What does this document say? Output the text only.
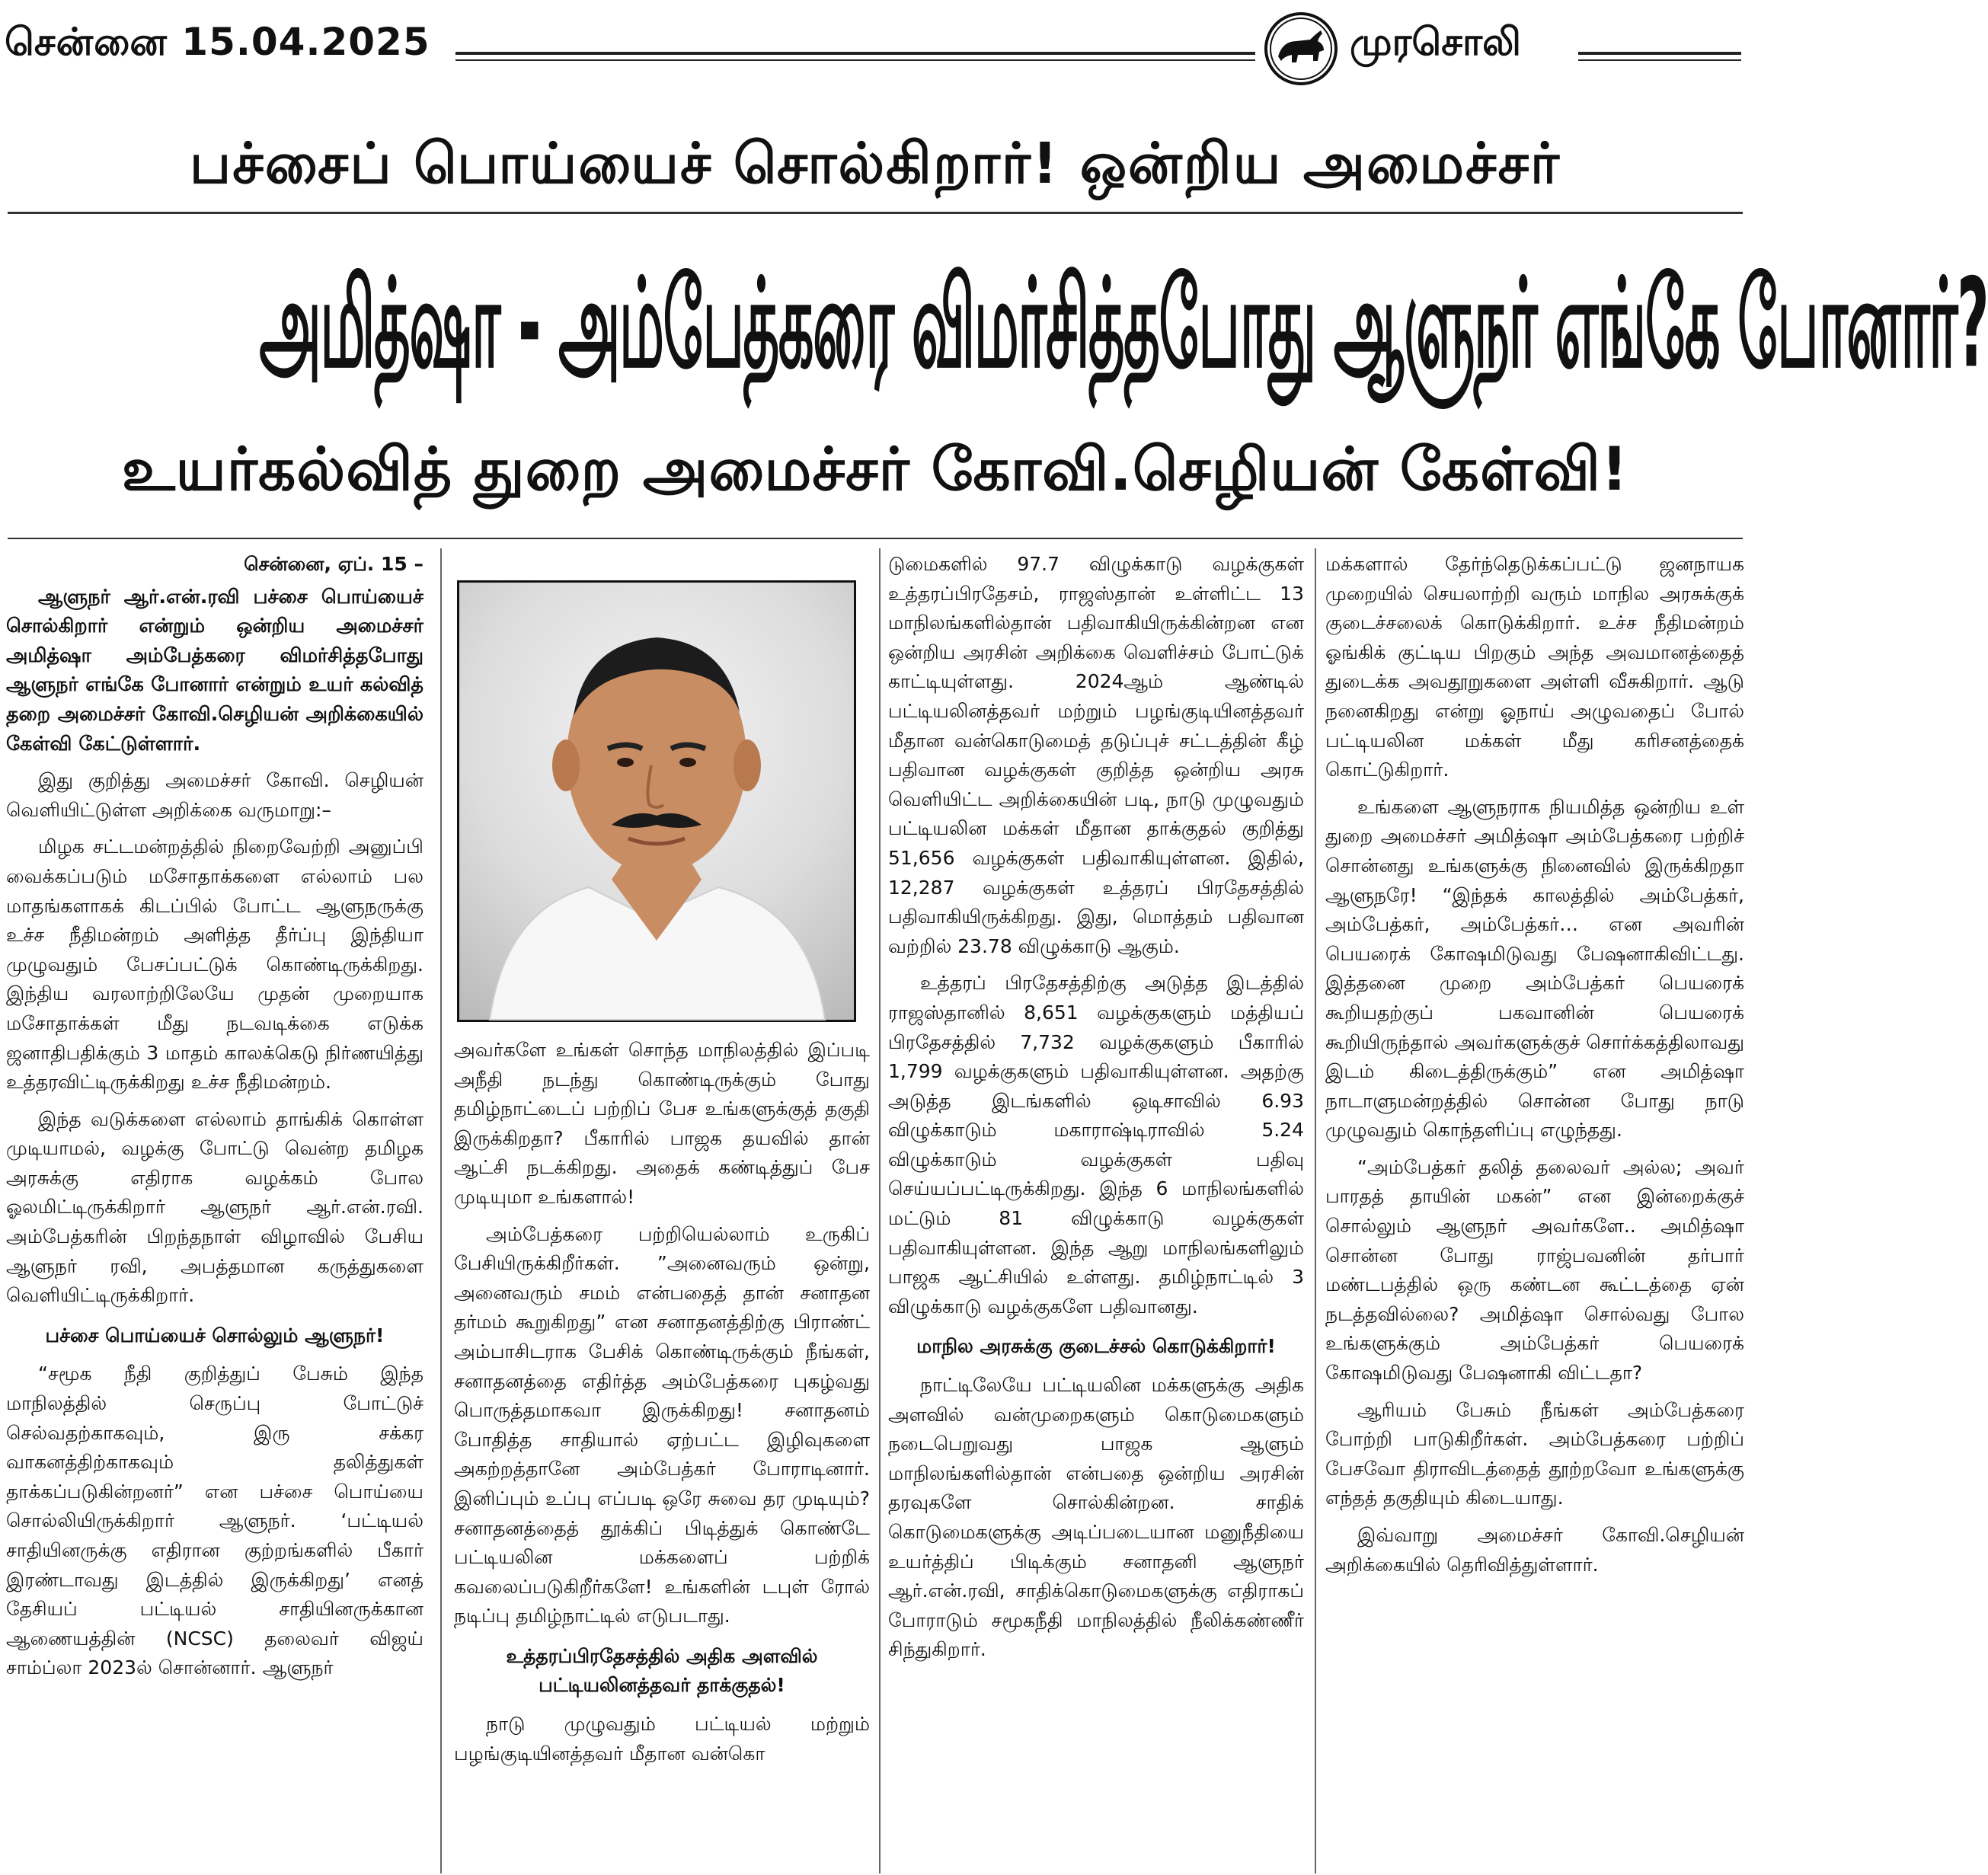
சென்னை 15.04.2025	முரசொலி
பச்சைப் பொய்யைச் சொல்கிறார்! ஒன்றிய அமைச்சர்
அமித்ஷா - அம்பேத்கரை விமர்சித்தபோது ஆளுநர் எங்கே போனார்?
உயர்கல்வித் துறை அமைச்சர் கோவி.செழியன் கேள்வி!
சென்னை, ஏப். 15 –

ஆளுநர் ஆர்.என்.ரவி பச்சை பொய்யைச் சொல்கிறார் என்றும் ஒன்றிய அமைச்சர் அமித்ஷா அம்பேத்கரை விமர்சித்தபோது ஆளுநர் எங்கே போனார் என்றும் உயர் கல்வித் தறை அமைச்சர் கோவி.செழியன் அறிக்கையில் கேள்வி கேட்டுள்ளார்.

இது குறித்து அமைச்சர் கோவி. செழியன் வெளியிட்டுள்ள அறிக்கை வருமாறு:–

மிழக சட்டமன்றத்தில் நிறைவேற்றி அனுப்பி வைக்கப்படும் மசோதாக்களை எல்லாம் பல மாதங்களாகக் கிடப்பில் போட்ட ஆளுநருக்கு உச்ச நீதிமன்றம் அளித்த தீர்ப்பு இந்தியா முழுவதும் பேசப்பட்டுக் கொண்டிருக்கிறது. இந்திய வரலாற்றிலேயே முதன் முறையாக மசோதாக்கள் மீது நடவடிக்கை எடுக்க ஜனாதிபதிக்கும் 3 மாதம் காலக்கெடு நிர்ணயித்து உத்தரவிட்டிருக்கிறது உச்ச நீதிமன்றம்.

இந்த வடுக்களை எல்லாம் தாங்கிக் கொள்ள முடியாமல், வழக்கு போட்டு வென்ற தமிழக அரசுக்கு எதிராக வழக்கம் போல ஓலமிட்டிருக்கிறார் ஆளுநர் ஆர்.என்.ரவி. அம்பேத்கரின் பிறந்தநாள் விழாவில் பேசிய ஆளுநர் ரவி, அபத்தமான கருத்துகளை வெளியிட்டிருக்கிறார்.

பச்சை பொய்யைச் சொல்லும் ஆளுநர்!

“சமூக நீதி குறித்துப் பேசும் இந்த மாநிலத்தில் செருப்பு போட்டுச் செல்வதற்காகவும், இரு சக்கர வாகனத்திற்காகவும் தலித்துகள் தாக்கப்படுகின்றனர்” என பச்சை பொய்யை சொல்லியிருக்கிறார் ஆளுநர். ‘பட்டியல் சாதியினருக்கு எதிரான குற்றங்களில் பீகார் இரண்டாவது இடத்தில் இருக்கிறது’ எனத் தேசியப் பட்டியல் சாதியினருக்கான ஆணையத்தின் (NCSC) தலைவர் விஜய் சாம்ப்லா 2023ல் சொன்னார். ஆளுநர்

அவர்களே உங்கள் சொந்த மாநிலத்தில் இப்படி அநீதி நடந்து கொண்டிருக்கும் போது தமிழ்நாட்டைப் பற்றிப் பேச உங்களுக்குத் தகுதி இருக்கிறதா? பீகாரில் பாஜக தயவில் தான் ஆட்சி நடக்கிறது. அதைக் கண்டித்துப் பேச முடியுமா உங்களால்!

அம்பேத்கரை பற்றியெல்லாம் உருகிப் பேசியிருக்கிறீர்கள். ”அனைவரும் ஒன்று, அனைவரும் சமம் என்பதைத் தான் சனாதன தர்மம் கூறுகிறது” என சனாதனத்திற்கு பிராண்ட் அம்பாசிடராக பேசிக் கொண்டிருக்கும் நீங்கள், சனாதனத்தை எதிர்த்த அம்பேத்கரை புகழ்வது பொருத்தமாகவா இருக்கிறது! சனாதனம் போதித்த சாதியால் ஏற்பட்ட இழிவுகளை அகற்றத்தானே அம்பேத்கர் போராடினார். இனிப்பும் உப்பு எப்படி ஒரே சுவை தர முடியும்? சனாதனத்தைத் தூக்கிப் பிடித்துக் கொண்டே பட்டியலின மக்களைப் பற்றிக் கவலைப்படுகிறீர்களே! உங்களின் டபுள் ரோல் நடிப்பு தமிழ்நாட்டில் எடுபடாது.

உத்தரப்பிரதேசத்தில் அதிக அளவில் பட்டியலினத்தவர் தாக்குதல்!

நாடு முழுவதும் பட்டியல் மற்றும் பழங்குடியினத்தவர் மீதான வன்கொ

டுமைகளில் 97.7 விழுக்காடு வழக்குகள் உத்தரப்பிரதேசம், ராஜஸ்தான் உள்ளிட்ட 13 மாநிலங்களில்தான் பதிவாகியிருக்கின்றன என ஒன்றிய அரசின் அறிக்கை வெளிச்சம் போட்டுக் காட்டியுள்ளது. 2024ஆம் ஆண்டில் பட்டியலினத்தவர் மற்றும் பழங்குடியினத்தவர் மீதான வன்கொடுமைத் தடுப்புச் சட்டத்தின் கீழ் பதிவான வழக்குகள் குறித்த ஒன்றிய அரசு வெளியிட்ட அறிக்கையின் படி, நாடு முழுவதும் பட்டியலின மக்கள் மீதான தாக்குதல் குறித்து 51,656 வழக்குகள் பதிவாகியுள்ளன. இதில், 12,287 வழக்குகள் உத்தரப் பிரதேசத்தில் பதிவாகியிருக்கிறது. இது, மொத்தம் பதிவான வற்றில் 23.78 விழுக்காடு ஆகும்.

உத்தரப் பிரதேசத்திற்கு அடுத்த இடத்தில் ராஜஸ்தானில் 8,651 வழக்குகளும் மத்தியப் பிரதேசத்தில் 7,732 வழக்குகளும் பீகாரில் 1,799 வழக்குகளும் பதிவாகியுள்ளன. அதற்கு அடுத்த இடங்களில் ஒடிசாவில் 6.93 விழுக்காடும் மகாராஷ்டிராவில் 5.24 விழுக்காடும் வழக்குகள் பதிவு செய்யப்பட்டிருக்கிறது. இந்த 6 மாநிலங்களில் மட்டும் 81 விழுக்காடு வழக்குகள் பதிவாகியுள்ளன. இந்த ஆறு மாநிலங்களிலும் பாஜக ஆட்சியில் உள்ளது. தமிழ்நாட்டில் 3 விழுக்காடு வழக்குகளே பதிவானது.

மாநில அரசுக்கு குடைச்சல் கொடுக்கிறார்!

நாட்டிலேயே பட்டியலின மக்களுக்கு அதிக அளவில் வன்முறைகளும் கொடுமைகளும் நடைபெறுவது பாஜக ஆளும் மாநிலங்களில்தான் என்பதை ஒன்றிய அரசின் தரவுகளே சொல்கின்றன. சாதிக் கொடுமைகளுக்கு அடிப்படையான மனுநீதியை உயர்த்திப் பிடிக்கும் சனாதனி ஆளுநர் ஆர்.என்.ரவி, சாதிக்கொடுமைகளுக்கு எதிராகப் போராடும் சமூகநீதி மாநிலத்தில் நீலிக்கண்ணீர் சிந்துகிறார்.

மக்களால் தேர்ந்தெடுக்கப்பட்டு ஜனநாயக முறையில் செயலாற்றி வரும் மாநில அரசுக்குக் குடைச்சலைக் கொடுக்கிறார். உச்ச நீதிமன்றம் ஓங்கிக் குட்டிய பிறகும் அந்த அவமானத்தைத் துடைக்க அவதூறுகளை அள்ளி வீசுகிறார். ஆடு நனைகிறது என்று ஓநாய் அழுவதைப் போல் பட்டியலின மக்கள் மீது கரிசனத்தைக் கொட்டுகிறார்.

உங்களை ஆளுநராக நியமித்த ஒன்றிய உள் துறை அமைச்சர் அமித்ஷா அம்பேத்கரை பற்றிச் சொன்னது உங்களுக்கு நினைவில் இருக்கிறதா ஆளுநரே! “இந்தக் காலத்தில் அம்பேத்கர், அம்பேத்கர், அம்பேத்கர்… என அவரின் பெயரைக் கோஷமிடுவது பேஷனாகிவிட்டது. இத்தனை முறை அம்பேத்கர் பெயரைக் கூறியதற்குப் பகவானின் பெயரைக் கூறியிருந்தால் அவர்களுக்குச் சொர்க்கத்திலாவது இடம் கிடைத்திருக்கும்” என அமித்ஷா நாடாளுமன்றத்தில் சொன்ன போது நாடு முழுவதும் கொந்தளிப்பு எழுந்தது.

“அம்பேத்கர் தலித் தலைவர் அல்ல; அவர் பாரதத் தாயின் மகன்” என இன்றைக்குச் சொல்லும் ஆளுநர் அவர்களே.. அமித்ஷா சொன்ன போது ராஜ்பவனின் தர்பார் மண்டபத்தில் ஒரு கண்டன கூட்டத்தை ஏன் நடத்தவில்லை? அமித்ஷா சொல்வது போல உங்களுக்கும் அம்பேத்கர் பெயரைக் கோஷமிடுவது பேஷனாகி விட்டதா?

ஆரியம் பேசும் நீங்கள் அம்பேத்கரை போற்றி பாடுகிறீர்கள். அம்பேத்கரை பற்றிப் பேசவோ திராவிடத்தைத் தூற்றவோ உங்களுக்கு எந்தத் தகுதியும் கிடையாது.

இவ்வாறு அமைச்சர் கோவி.செழியன் அறிக்கையில் தெரிவித்துள்ளார்.
